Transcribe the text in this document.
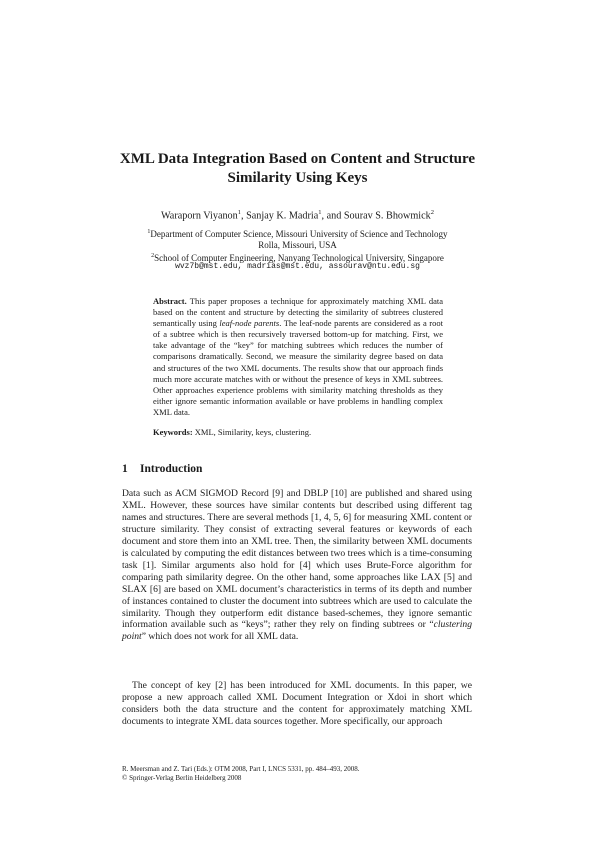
XML Data Integration Based on Content and Structure
Similarity Using Keys
Waraporn Viyanon$^1$, Sanjay K. Madria$^1$, and Sourav S. Bhowmick$^2$
$^1$Department of Computer Science, Missouri University of Science and Technology
Rolla, Missouri, USA
$^2$School of Computer Engineering, Nanyang Technological University, Singapore
wvz7b@mst.edu, madrias@mst.edu, assourav@ntu.edu.sg
Abstract. This paper proposes a technique for approximately matching XML data based on the content and structure by detecting the similarity of subtrees clustered semantically using leaf-node parents. The leaf-node parents are considered as a root of a subtree which is then recursively traversed bottom-up for matching. First, we take advantage of the “key” for matching subtrees which reduces the number of comparisons dramatically. Second, we measure the similarity degree based on data and structures of the two XML documents. The results show that our approach finds much more accurate matches with or without the presence of keys in XML subtrees. Other approaches experience problems with similarity matching thresholds as they either ignore semantic information available or have problems in handling complex XML data.
Keywords: XML, Similarity, keys, clustering.
1 Introduction

Data such as ACM SIGMOD Record [9] and DBLP [10] are published and shared using XML. However, these sources have similar contents but described using different tag names and structures. There are several methods [1, 4, 5, 6] for measuring XML content or structure similarity. They consist of extracting several features or keywords of each document and store them into an XML tree. Then, the similarity between XML documents is calculated by computing the edit distances between two trees which is a time-consuming task [1]. Similar arguments also hold for [4] which uses Brute-Force algorithm for comparing path similarity degree. On the other hand, some approaches like LAX [5] and SLAX [6] are based on XML document’s characteristics in terms of its depth and number of instances contained to cluster the document into subtrees which are used to calculate the similarity. Though they outperform edit distance based-schemes, they ignore semantic information available such as “keys”; rather they rely on finding subtrees or “clustering point” which does not work for all XML data.

The concept of key [2] has been introduced for XML documents. In this paper, we propose a new approach called XML Document Integration or Xdoi in short which considers both the data structure and the content for approximately matching XML documents to integrate XML data sources together. More specifically, our approach

R. Meersman and Z. Tari (Eds.): OTM 2008, Part I, LNCS 5331, pp. 484–493, 2008.
© Springer-Verlag Berlin Heidelberg 2008
